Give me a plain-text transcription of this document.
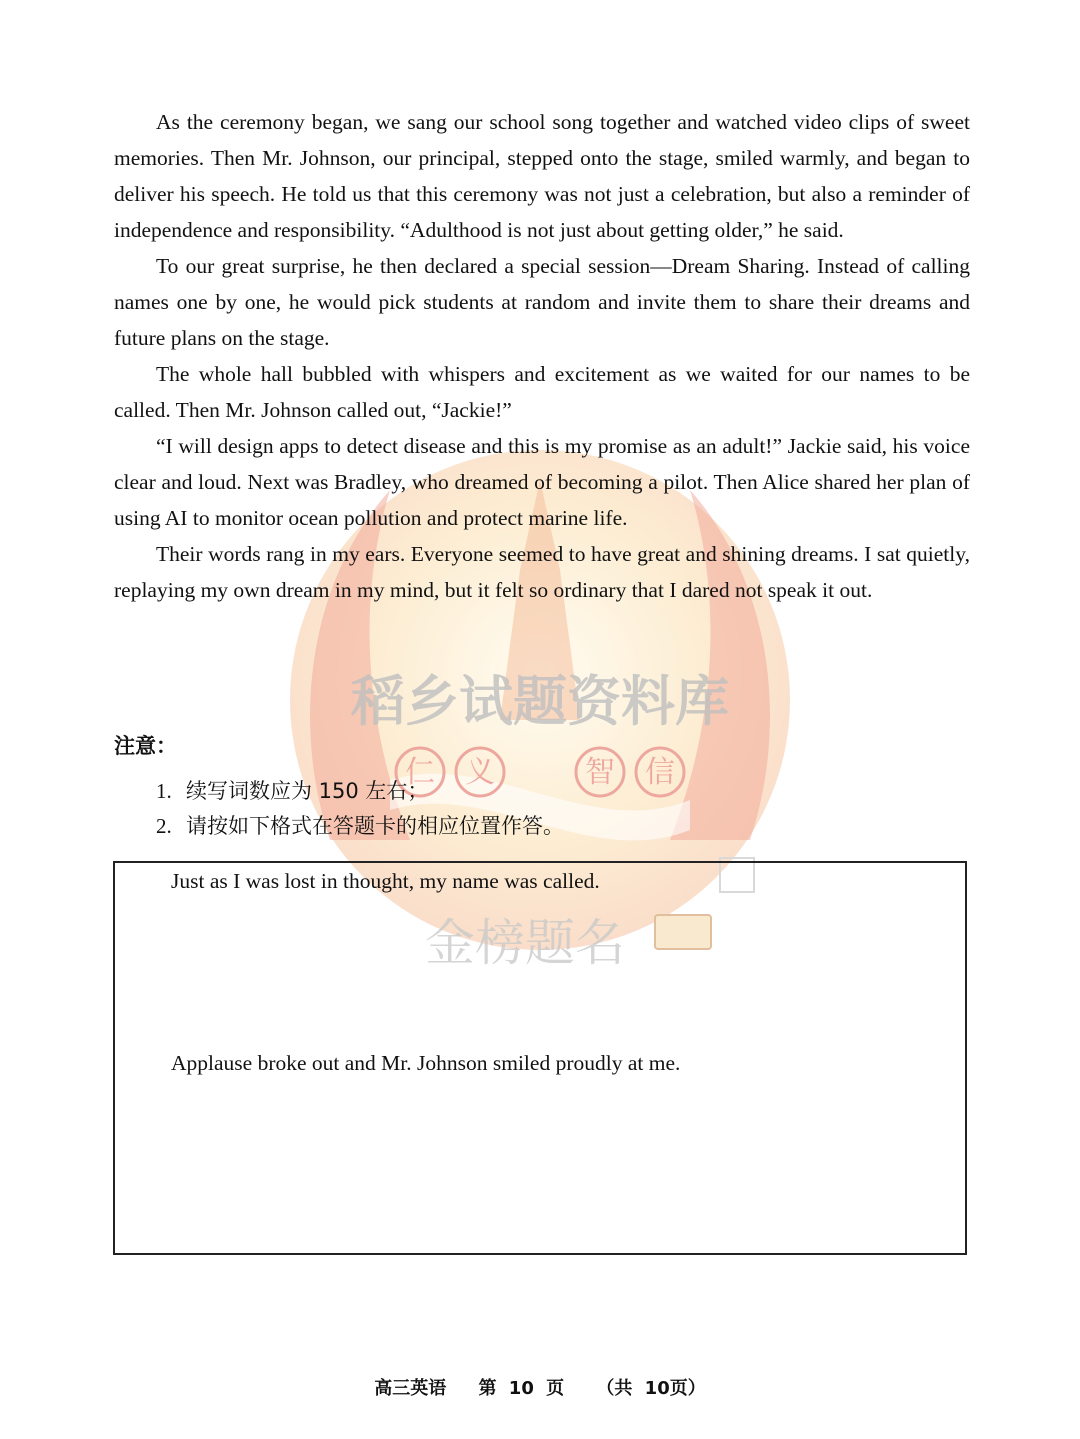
稻乡试题资料库
仁 义	智 信
金榜题名

As the ceremony began, we sang our school song together and watched video clips of sweet memories. Then Mr. Johnson, our principal, stepped onto the stage, smiled warmly, and began to deliver his speech. He told us that this ceremony was not just a celebration, but also a reminder of independence and responsibility. “Adulthood is not just about getting older,” he said.

To our great surprise, he then declared a special session—Dream Sharing. Instead of calling names one by one, he would pick students at random and invite them to share their dreams and future plans on the stage.

The whole hall bubbled with whispers and excitement as we waited for our names to be called. Then Mr. Johnson called out, “Jackie!”

“I will design apps to detect disease and this is my promise as an adult!” Jackie said, his voice clear and loud. Next was Bradley, who dreamed of becoming a pilot. Then Alice shared her plan of using AI to monitor ocean pollution and protect marine life.

Their words rang in my ears. Everyone seemed to have great and shining dreams. I sat quietly, replaying my own dream in my mind, but it felt so ordinary that I dared not speak it out.

注意：
1. 续写词数应为 150 左右；
2. 请按如下格式在答题卡的相应位置作答。
Just as I was lost in thought, my name was called.
Applause broke out and Mr. Johnson smiled proudly at me.
高三英语 第 10 页 （共 10页）
